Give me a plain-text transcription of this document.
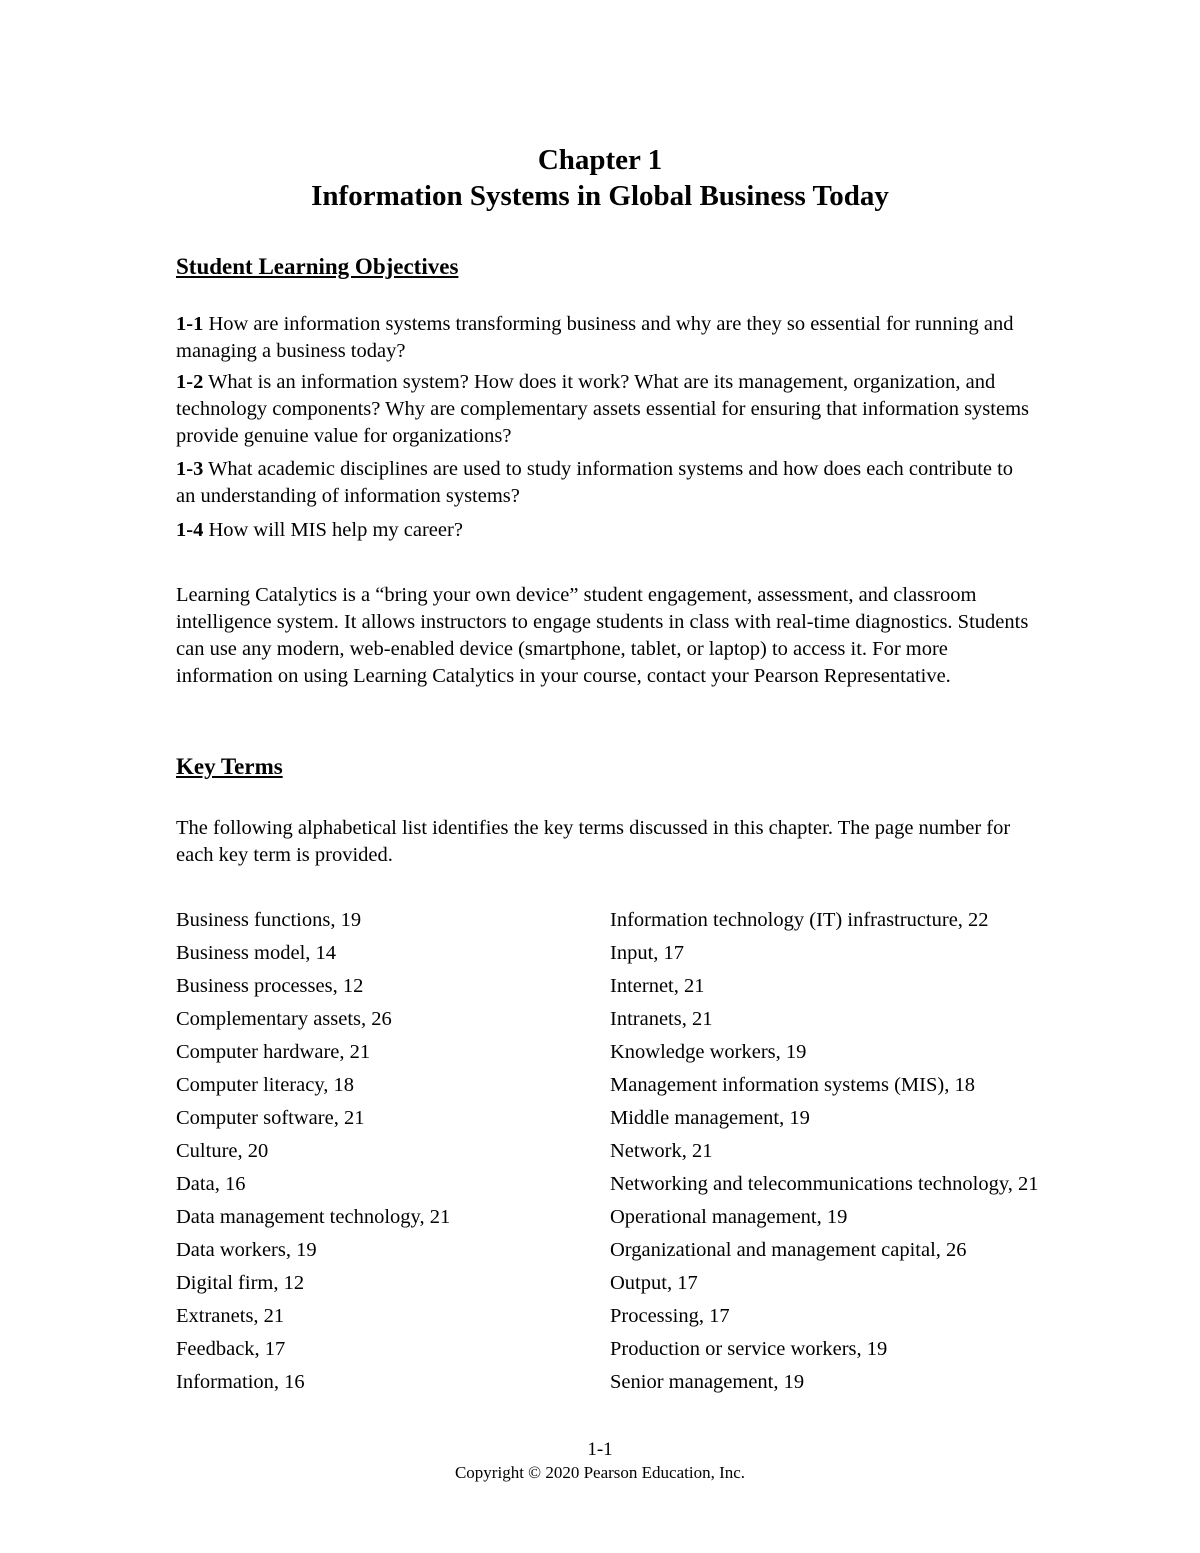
Chapter 1
Information Systems in Global Business Today
Student Learning Objectives

1-1 How are information systems transforming business and why are they so essential for running and managing a business today?

1-2 What is an information system? How does it work? What are its management, organization, and technology components? Why are complementary assets essential for ensuring that information systems provide genuine value for organizations?

1-3 What academic disciplines are used to study information systems and how does each contribute to an understanding of information systems?

1-4 How will MIS help my career?

Learning Catalytics is a “bring your own device” student engagement, assessment, and classroom intelligence system. It allows instructors to engage students in class with real-time diagnostics. Students can use any modern, web-enabled device (smartphone, tablet, or laptop) to access it. For more information on using Learning Catalytics in your course, contact your Pearson Representative.

Key Terms

The following alphabetical list identifies the key terms discussed in this chapter. The page number for each key term is provided.

Business functions, 19
Business model, 14
Business processes, 12
Complementary assets, 26
Computer hardware, 21
Computer literacy, 18
Computer software, 21
Culture, 20
Data, 16
Data management technology, 21
Data workers, 19
Digital firm, 12
Extranets, 21
Feedback, 17
Information, 16
Information technology (IT) infrastructure, 22
Input, 17
Internet, 21
Intranets, 21
Knowledge workers, 19
Management information systems (MIS), 18
Middle management, 19
Network, 21
Networking and telecommunications technology, 21
Operational management, 19
Organizational and management capital, 26
Output, 17
Processing, 17
Production or service workers, 19
Senior management, 19
1-1
Copyright © 2020 Pearson Education, Inc.
